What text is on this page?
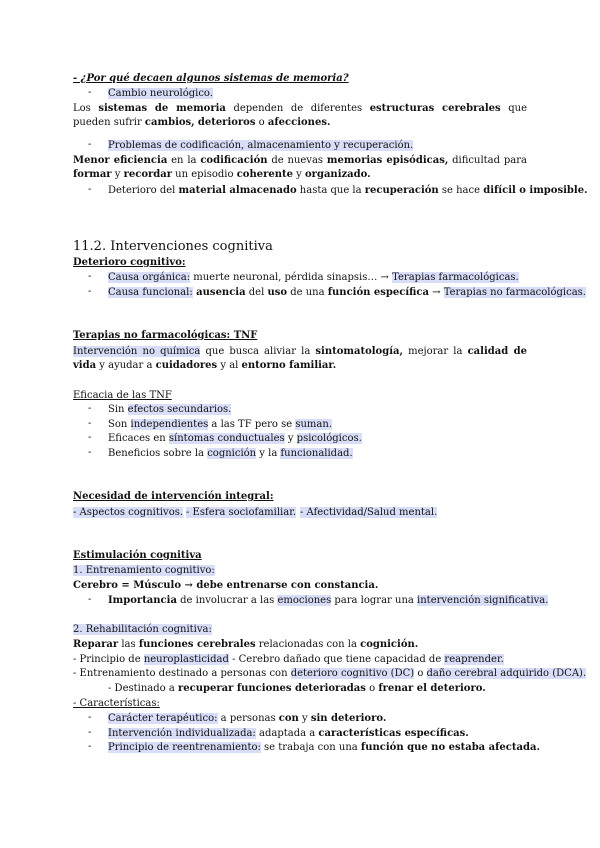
- ¿Por qué decaen algunos sistemas de memoria?
- Cambio neurológico.
Los sistemas de memoria dependen de diferentes estructuras cerebrales que pueden sufrir cambios, deterioros o afecciones.
- Problemas de codificación, almacenamiento y recuperación.
Menor eficiencia en la codificación de nuevas memorias episódicas, dificultad para formar y recordar un episodio coherente y organizado.
- Deterioro del material almacenado hasta que la recuperación se hace difícil o imposible.
11.2. Intervenciones cognitiva
Deterioro cognitivo:
- Causa orgánica: muerte neuronal, pérdida sinapsis… → Terapias farmacológicas.
- Causa funcional: ausencia del uso de una función específica → Terapias no farmacológicas.
Terapias no farmacológicas: TNF
Intervención no química que busca aliviar la sintomatología, mejorar la calidad de vida y ayudar a cuidadores y al entorno familiar.
Eficacia de las TNF
- Sin efectos secundarios.
- Son independientes a las TF pero se suman.
- Eficaces en síntomas conductuales y psicológicos.
- Beneficios sobre la cognición y la funcionalidad.
Necesidad de intervención integral:
- Aspectos cognitivos. - Esfera sociofamiliar. - Afectividad/Salud mental.
Estimulación cognitiva
1. Entrenamiento cognitivo:
Cerebro = Músculo → debe entrenarse con constancia.
- Importancia de involucrar a las emociones para lograr una intervención significativa.
2. Rehabilitación cognitiva:
Reparar las funciones cerebrales relacionadas con la cognición.
- Principio de neuroplasticidad - Cerebro dañado que tiene capacidad de reaprender.
- Entrenamiento destinado a personas con deterioro cognitivo (DC) o daño cerebral adquirido (DCA).
- Destinado a recuperar funciones deterioradas o frenar el deterioro.
- Características:
- Carácter terapéutico: a personas con y sin deterioro.
- Intervención individualizada: adaptada a características específicas.
- Principio de reentrenamiento: se trabaja con una función que no estaba afectada.
